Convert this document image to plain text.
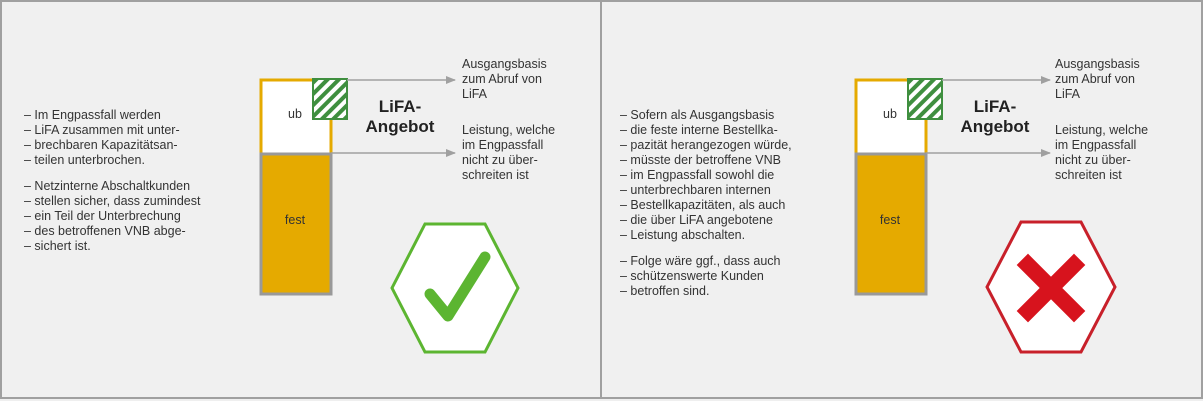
– Im Engpassfall werden
– LiFA zusammen mit unter-
– brechbaren Kapazitätsan-
– teilen unterbrochen.
– Netzinterne Abschaltkunden
– stellen sicher, dass zumindest
– ein Teil der Unterbrechung
– des betroffenen VNB abge-
– sichert ist.
ub
fest
LiFA-
Angebot
Ausgangsbasis
zum Abruf von
LiFA
Leistung, welche
im Engpassfall
nicht zu über-
schreiten ist
– Sofern als Ausgangsbasis
– die feste interne Bestellka-
– pazität herangezogen würde,
– müsste der betroffene VNB
– im Engpassfall sowohl die
– unterbrechbaren internen
– Bestellkapazitäten, als auch
– die über LiFA angebotene
– Leistung abschalten.
– Folge wäre ggf., dass auch
– schützenswerte Kunden
– betroffen sind.
ub
fest
LiFA-
Angebot
Ausgangsbasis
zum Abruf von
LiFA
Leistung, welche
im Engpassfall
nicht zu über-
schreiten ist
